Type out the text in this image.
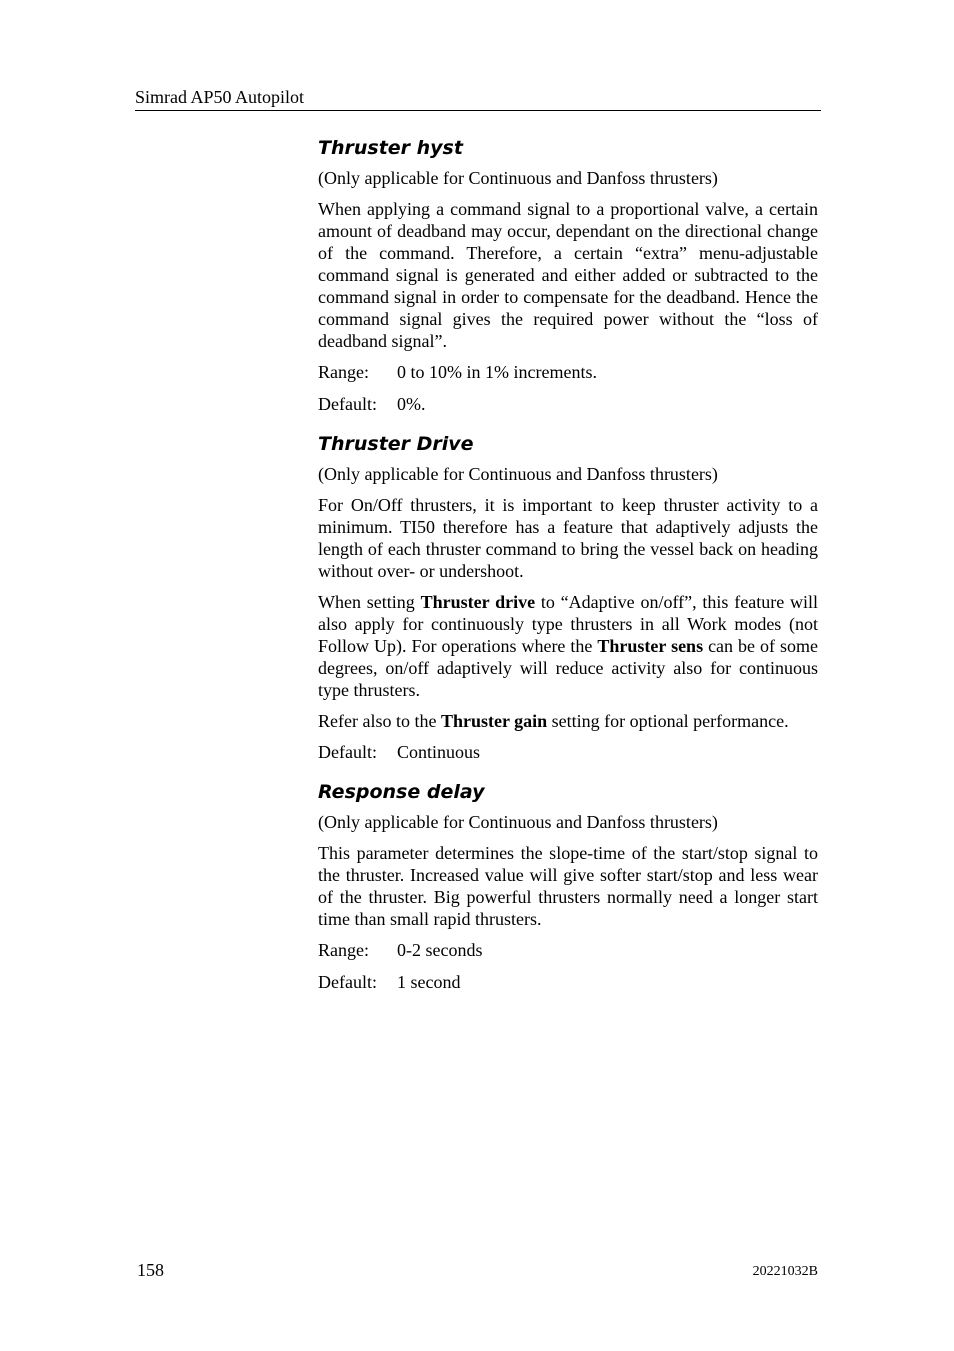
Simrad AP50 Autopilot
Thruster hyst

(Only applicable for Continuous and Danfoss thrusters)

When applying a command signal to a proportional valve, a certain amount of deadband may occur, dependant on the directional change of the command. Therefore, a certain “extra” menu-adjustable command signal is generated and either added or subtracted to the command signal in order to compensate for the deadband. Hence the command signal gives the required power without the “loss of deadband signal”.

Range:	0 to 10% in 1% increments.
Default:	0%.
Thruster Drive

(Only applicable for Continuous and Danfoss thrusters)

For On/Off thrusters, it is important to keep thruster activity to a minimum. TI50 therefore has a feature that adaptively adjusts the length of each thruster command to bring the vessel back on heading without over- or undershoot.

When setting Thruster drive to “Adaptive on/off”, this feature will also apply for continuously type thrusters in all Work modes (not Follow Up). For operations where the Thruster sens can be of some degrees, on/off adaptively will reduce activity also for continuous type thrusters.

Refer also to the Thruster gain setting for optional performance.

Default:	Continuous
Response delay

(Only applicable for Continuous and Danfoss thrusters)

This parameter determines the slope-time of the start/stop signal to the thruster. Increased value will give softer start/stop and less wear of the thruster. Big powerful thrusters normally need a longer start time than small rapid thrusters.

Range:	0-2 seconds
Default:	1 second
158	20221032B
